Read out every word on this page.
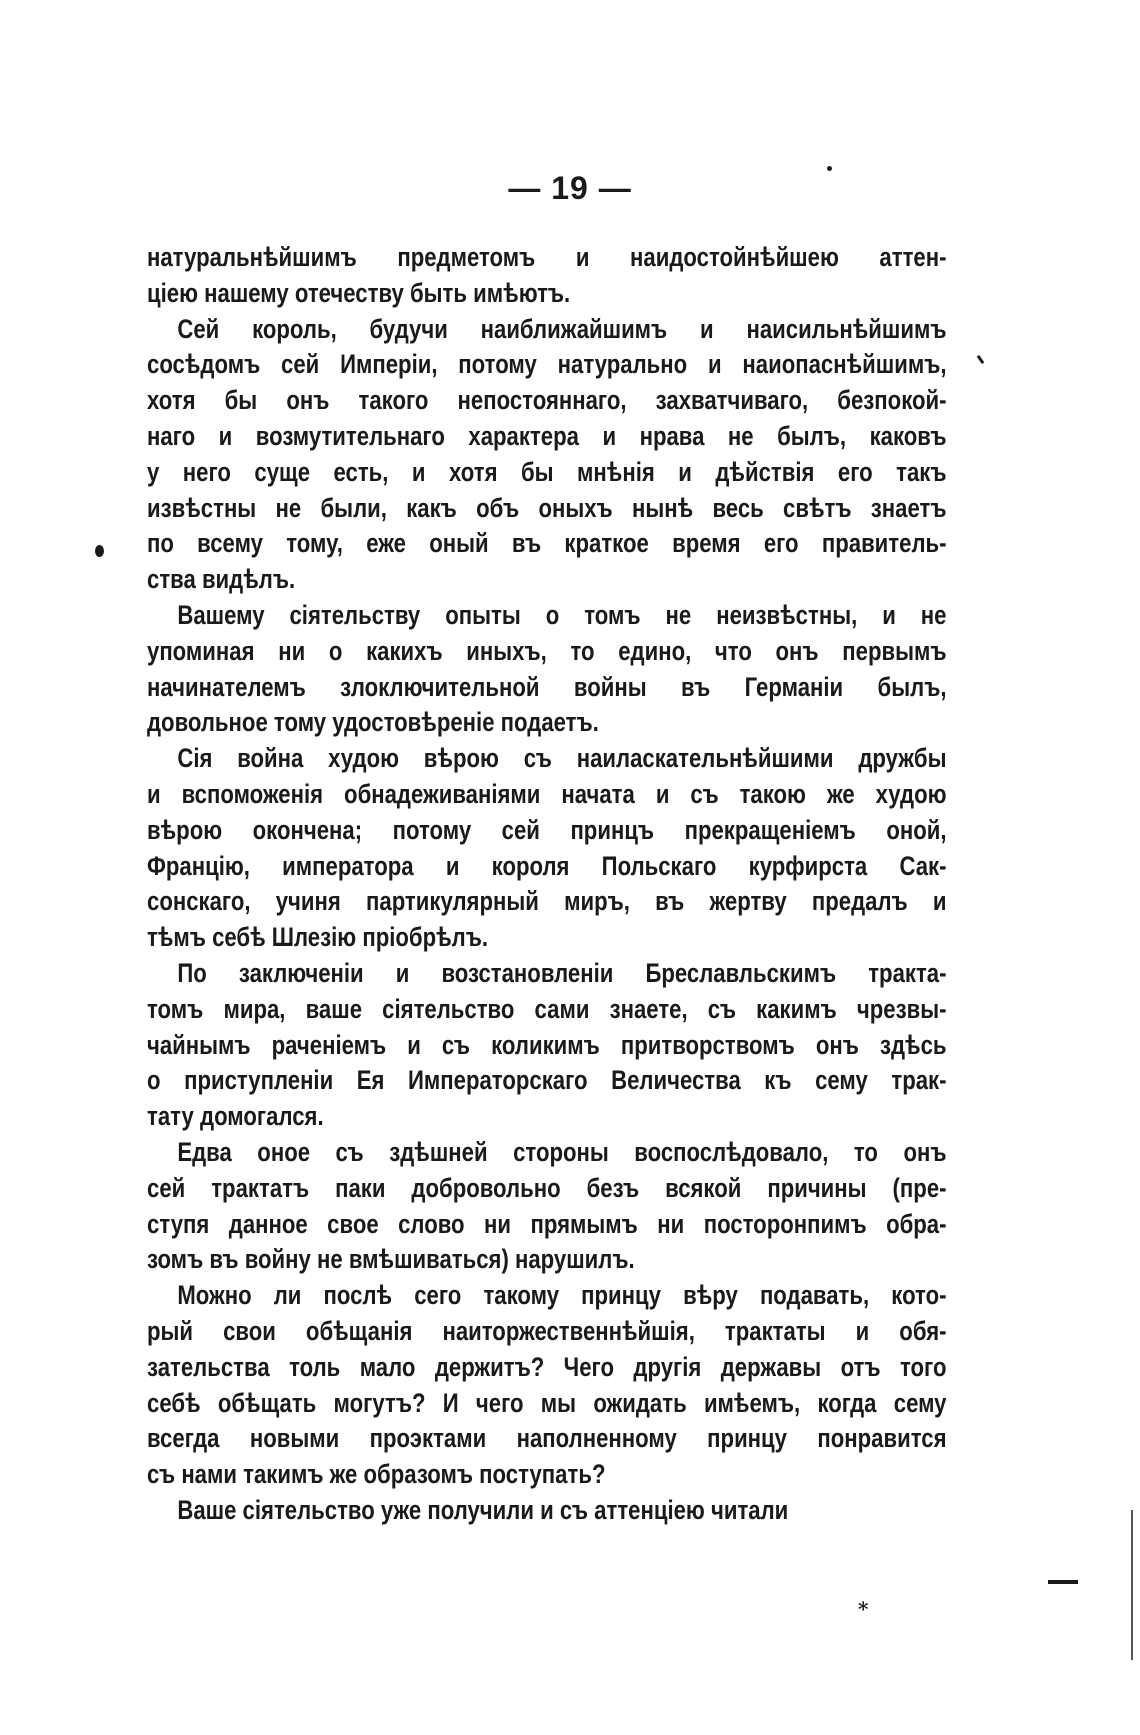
— 19 —
натуральнѣйшимъ предметомъ и наидостойнѣйшею аттен-
ціею нашему отечеству быть имѣютъ.
Сей король, будучи наиближайшимъ и наисильнѣйшимъ
сосѣдомъ сей Имперіи, потому натурально и наиопаснѣйшимъ,
хотя бы онъ такого непостояннаго, захватчиваго, безпокой-
наго и возмутительнаго характера и нрава не былъ, каковъ
у него суще есть, и хотя бы мнѣнія и дѣйствія его такъ
извѣстны не были, какъ объ оныхъ нынѣ весь свѣтъ знаетъ
по всему тому, еже оный въ краткое время его правитель-
ства видѣлъ.
Вашему сіятельству опыты о томъ не неизвѣстны, и не
упоминая ни о какихъ иныхъ, то едино, что онъ первымъ
начинателемъ злоключительной войны въ Германіи былъ,
довольное тому удостовѣреніе подаетъ.
Сія война худою вѣрою съ наиласкательнѣйшими дружбы
и вспоможенія обнадеживаніями начата и съ такою же худою
вѣрою окончена; потому сей принцъ прекращеніемъ оной,
Францію, императора и короля Польскаго курфирста Сак-
сонскаго, учиня партикулярный миръ, въ жертву предалъ и
тѣмъ себѣ Шлезію пріобрѣлъ.
По заключеніи и возстановленіи Бреславльскимъ тракта-
томъ мира, ваше сіятельство сами знаете, съ какимъ чрезвы-
чайнымъ раченіемъ и съ коликимъ притворствомъ онъ здѣсь
о приступленіи Ея Императорскаго Величества къ сему трак-
тату домогался.
Едва оное съ здѣшней стороны воспослѣдовало, то онъ
сей трактатъ паки добровольно безъ всякой причины (пре-
ступя данное свое слово ни прямымъ ни посторонпимъ обра-
зомъ въ войну не вмѣшиваться) нарушилъ.
Можно ли послѣ сего такому принцу вѣру подавать, кото-
рый свои обѣщанія наиторжественнѣйшія, трактаты и обя-
зательства толь мало держитъ? Чего другія державы отъ того
себѣ обѣщать могутъ? И чего мы ожидать имѣемъ, когда сему
всегда новыми проэктами наполненному принцу понравится
съ нами такимъ же образомъ поступать?
Ваше сіятельство уже получили и съ аттенціею читали
*
